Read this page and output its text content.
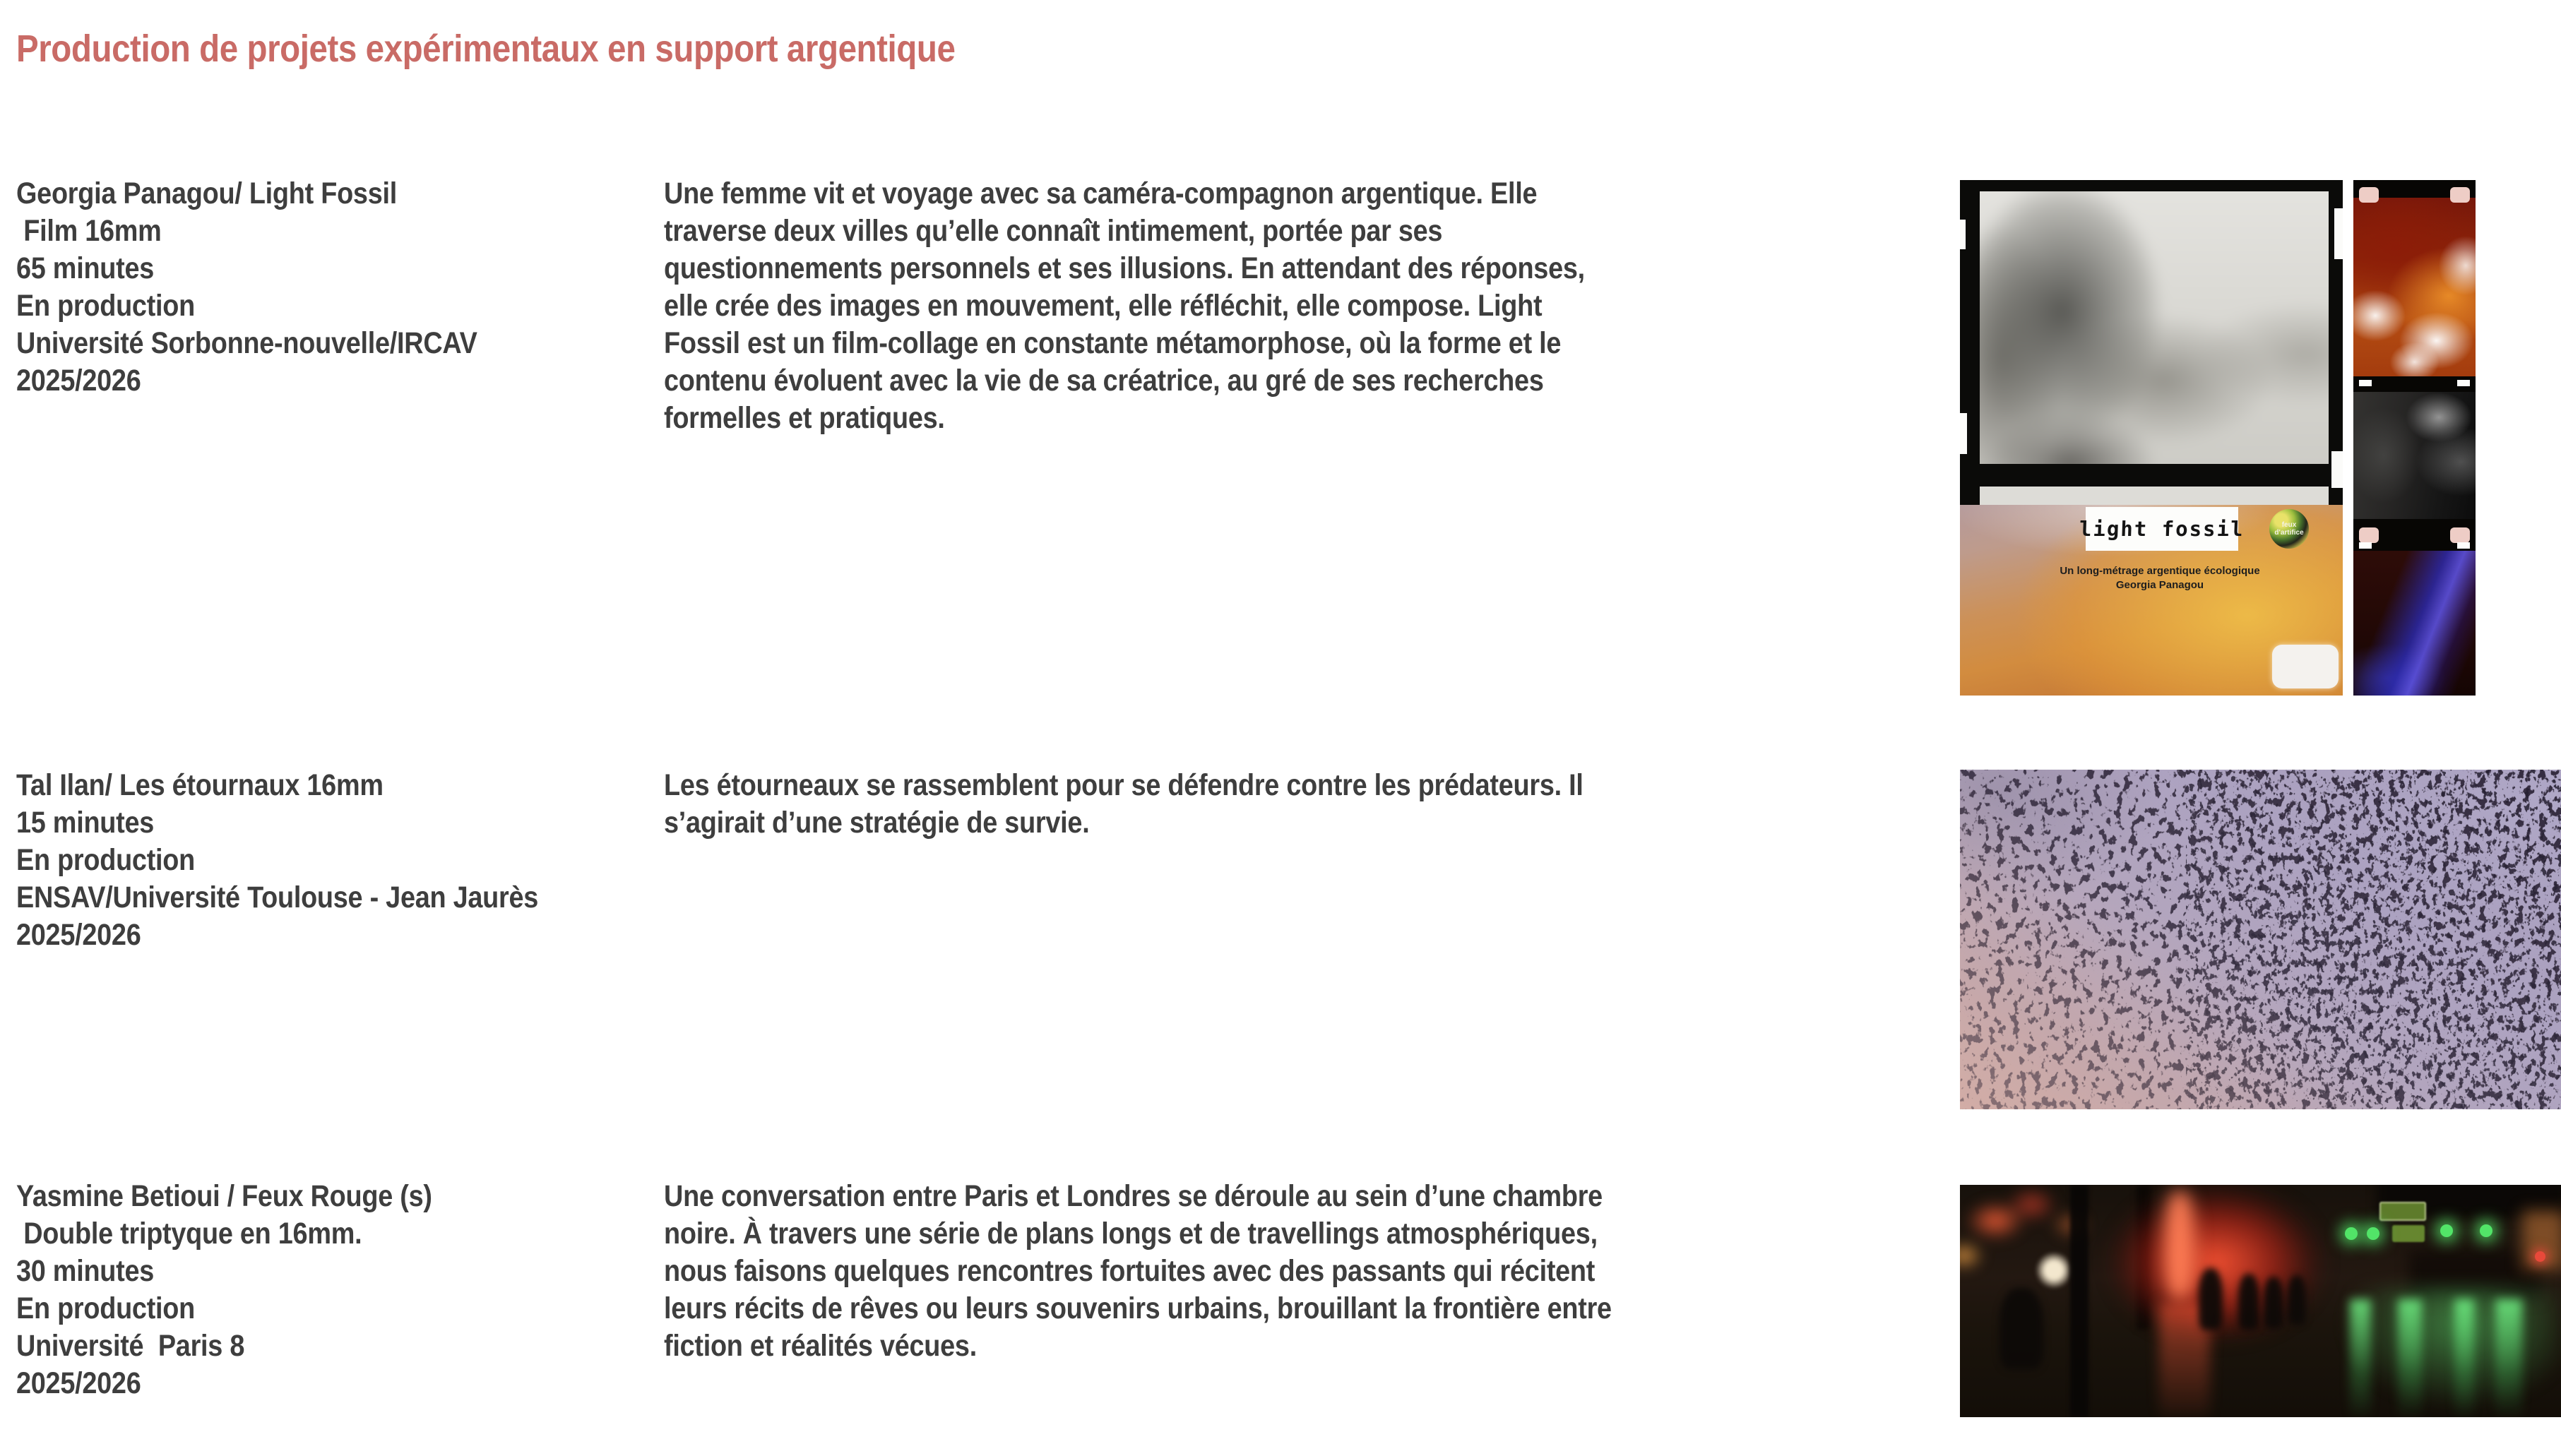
Production de projets expérimentaux en support argentique
Georgia Panagou/ Light Fossil
Film 16mm
65 minutes
En production
Université Sorbonne-nouvelle/IRCAV
2025/2026
Une femme vit et voyage avec sa caméra-compagnon argentique. Elle
traverse deux villes qu’elle connaît intimement, portée par ses
questionnements personnels et ses illusions. En attendant des réponses,
elle crée des images en mouvement, elle réfléchit, elle compose. Light
Fossil est un film-collage en constante métamorphose, où la forme et le
contenu évoluent avec la vie de sa créatrice, au gré de ses recherches
formelles et pratiques.
light fossil	feux d'artifice
Un long-métrage argentique écologique
Georgia Panagou
Tal Ilan/ Les étournaux 16mm
15 minutes
En production
ENSAV/Université Toulouse - Jean Jaurès
2025/2026
Les étourneaux se rassemblent pour se défendre contre les prédateurs. Il
s’agirait d’une stratégie de survie.
Yasmine Betioui / Feux Rouge (s)
Double triptyque en 16mm.
30 minutes
En production
Université  Paris 8
2025/2026
Une conversation entre Paris et Londres se déroule au sein d’une chambre
noire. À travers une série de plans longs et de travellings atmosphériques,
nous faisons quelques rencontres fortuites avec des passants qui récitent
leurs récits de rêves ou leurs souvenirs urbains, brouillant la frontière entre
fiction et réalités vécues.
